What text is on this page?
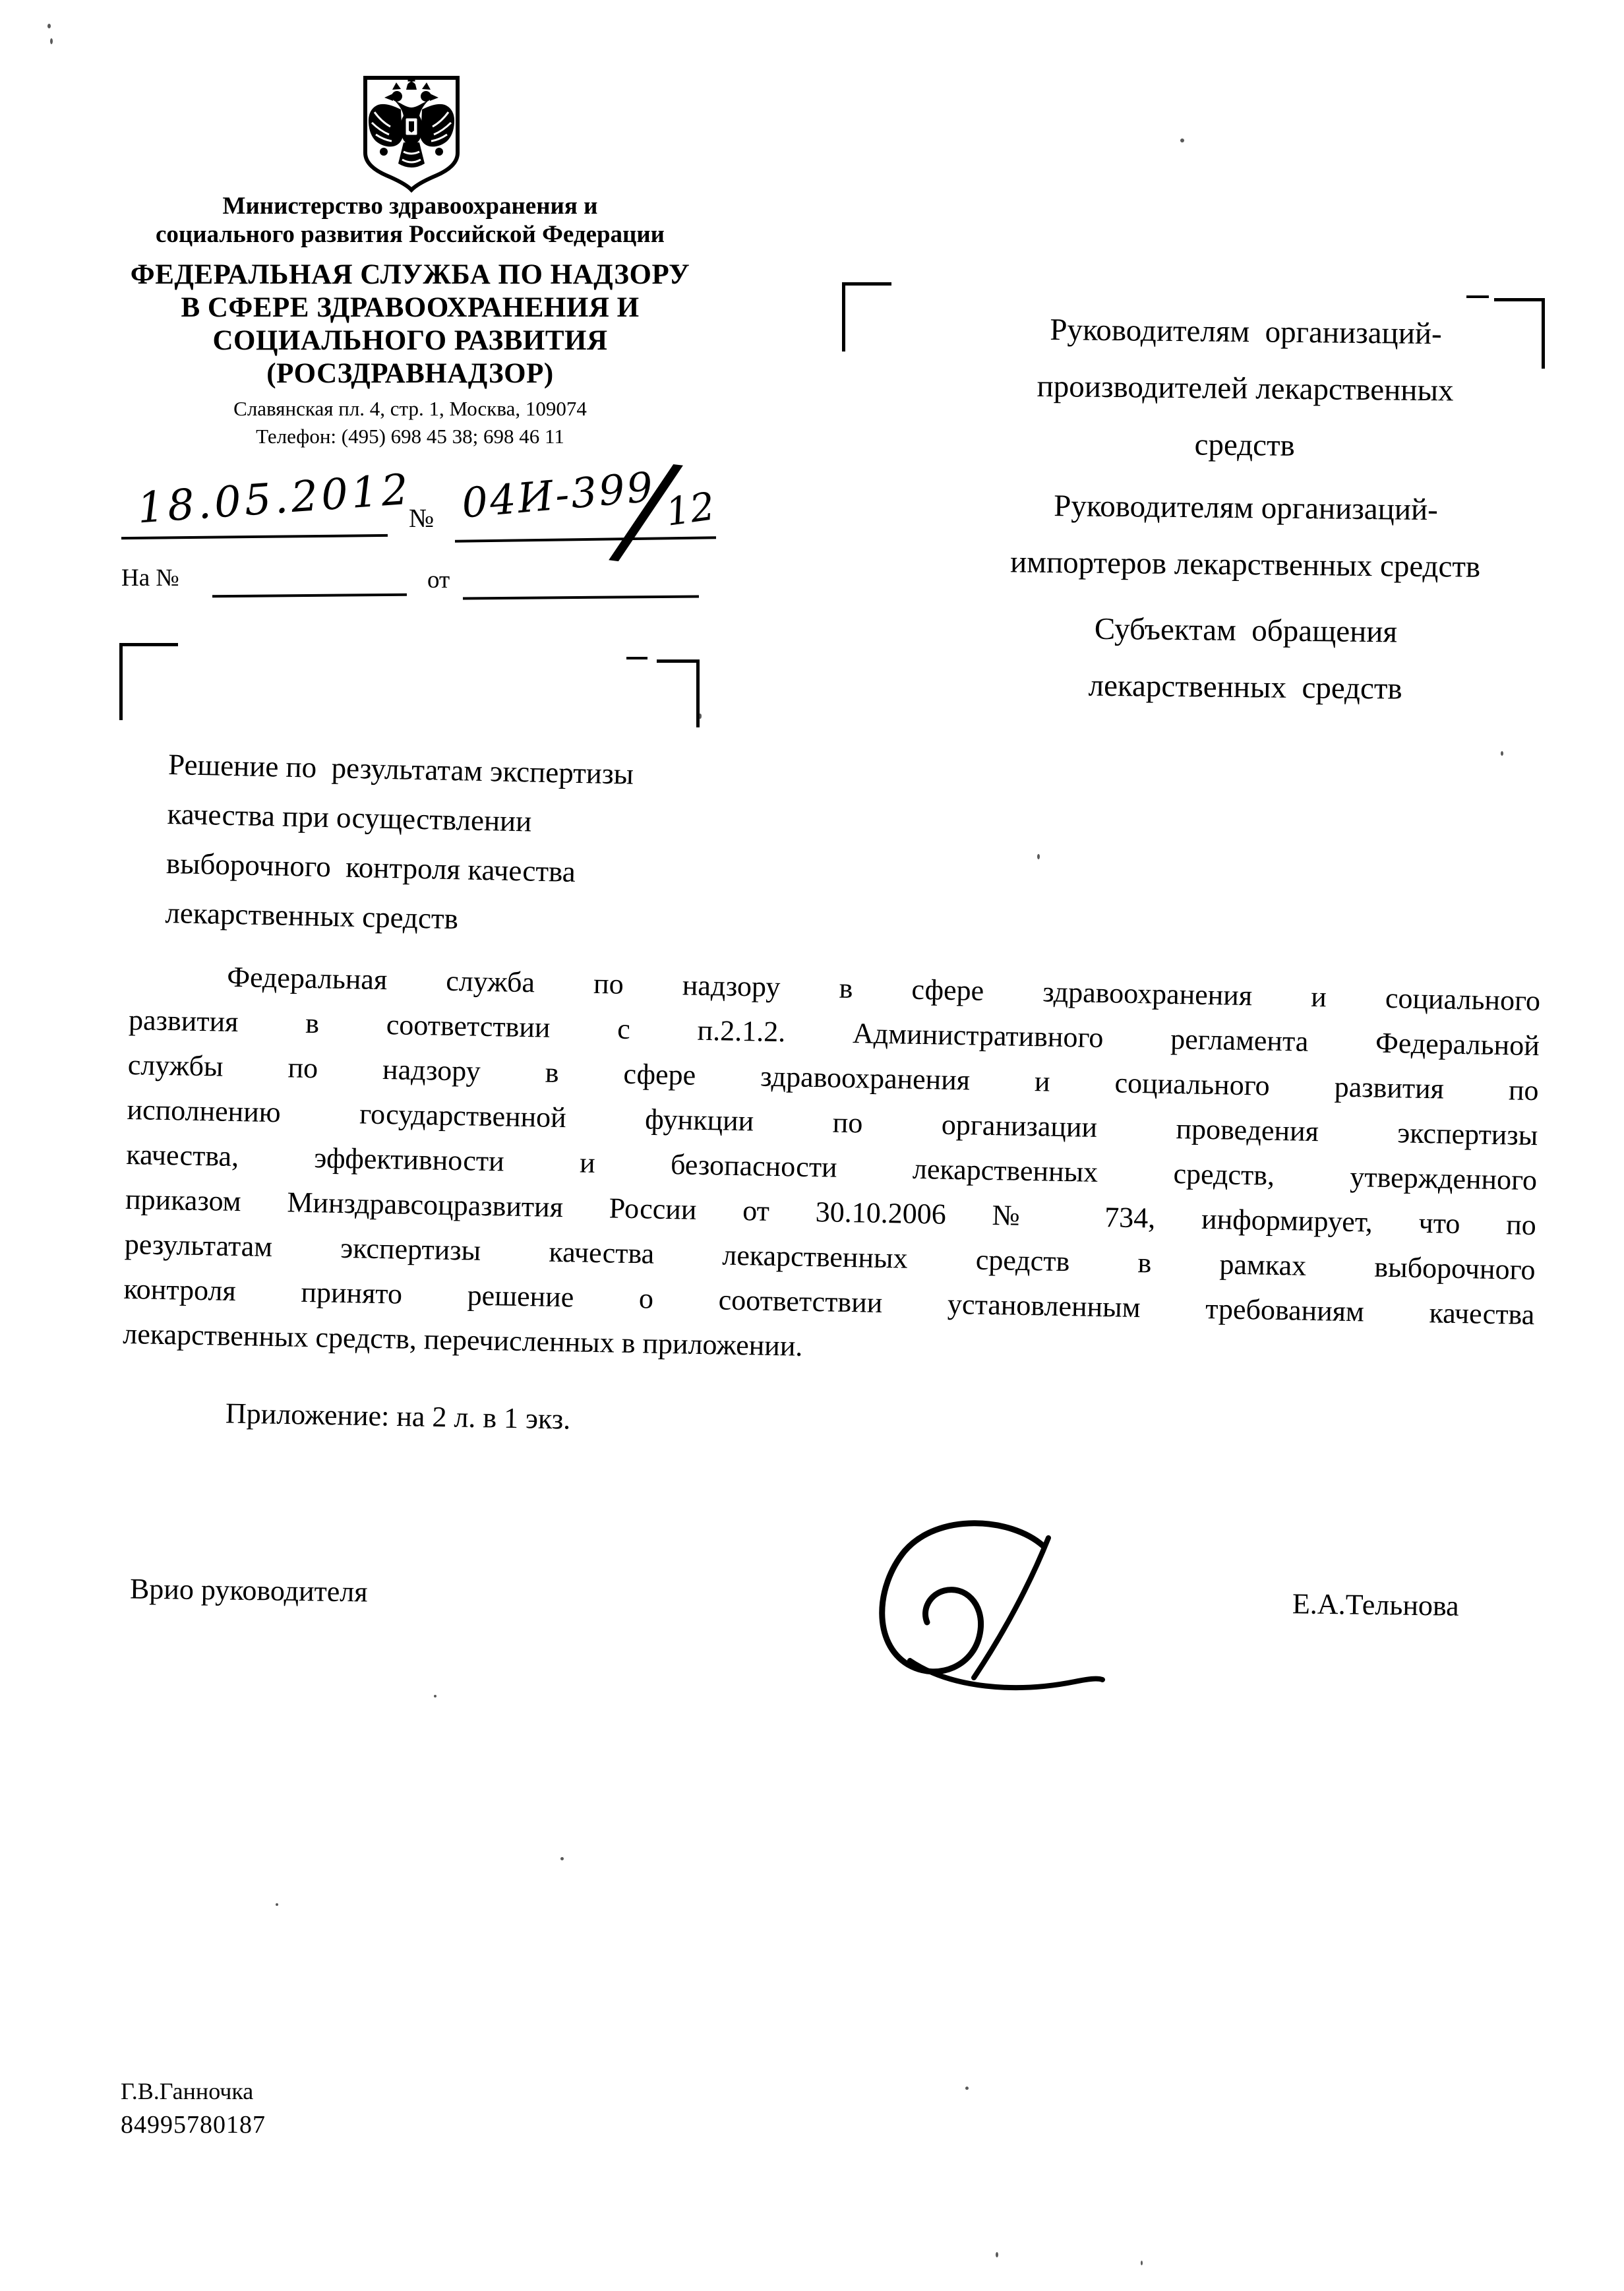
Министерство здравоохранения и
социального развития Российской Федерации
ФЕДЕРАЛЬНАЯ СЛУЖБА ПО НАДЗОРУ
В СФЕРЕ ЗДРАВООХРАНЕНИЯ И
СОЦИАЛЬНОГО РАЗВИТИЯ
(РОСЗДРАВНАДЗОР)
Славянская пл. 4, стр. 1, Москва, 109074
Телефон: (495) 698 45 38; 698 46 11
18.05.2012
№ 04И-399
/
12
На №	от
Руководителям  организаций-
производителей лекарственных
средств
Руководителям организаций-
импортеров лекарственных средств
Субъектам  обращения
лекарственных  средств
Решение по  результатам экспертизы
качества при осуществлении
выборочного  контроля качества
лекарственных средств
Федеральная служба по надзору в сфере здравоохранения и социального
развития в соответствии с п.2.1.2. Административного регламента Федеральной
службы по надзору в сфере здравоохранения и социального развития по
исполнению государственной функции по организации проведения экспертизы
качества, эффективности и безопасности лекарственных средств, утвержденного
приказом Минздравсоцразвития России от 30.10.2006 № 734, информирует, что по
результатам экспертизы качества лекарственных средств в рамках выборочного
контроля принято решение о соответствии установленным требованиям качества
лекарственных средств, перечисленных в приложении.
Приложение: на 2 л. в 1 экз.
Врио руководителя	Е.А.Тельнова
Г.В.Ганночка
84995780187
